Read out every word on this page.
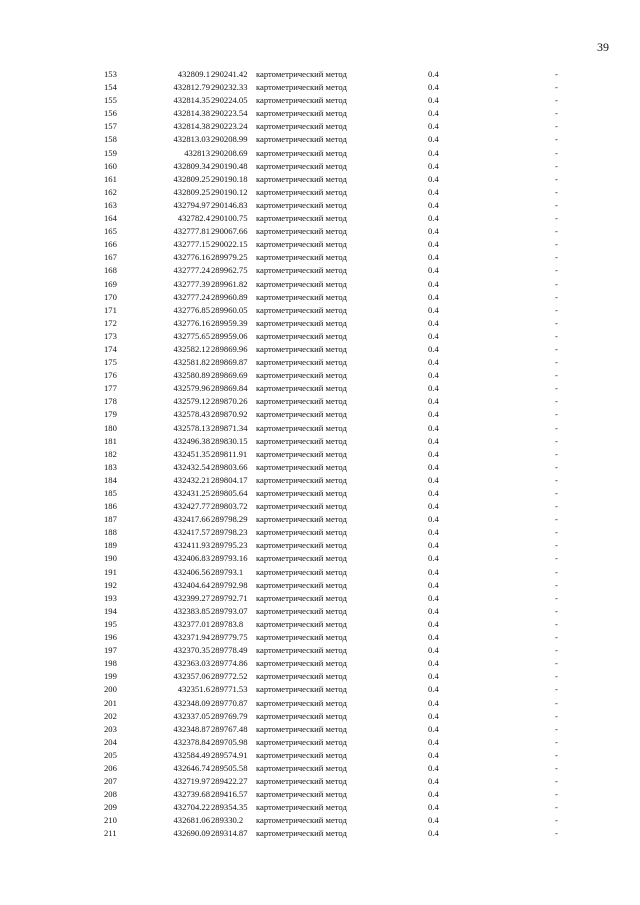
39
153	432809.1 290241.42 картометрический метод	0.4	-
154	432812.79 290232.33 картометрический метод	0.4	-
155	432814.35 290224.05 картометрический метод	0.4	-
156	432814.38 290223.54 картометрический метод	0.4	-
157	432814.38 290223.24 картометрический метод	0.4	-
158	432813.03 290208.99 картометрический метод	0.4	-
159	432813 290208.69 картометрический метод	0.4	-
160	432809.34 290190.48 картометрический метод	0.4	-
161	432809.25 290190.18 картометрический метод	0.4	-
162	432809.25 290190.12 картометрический метод	0.4	-
163	432794.97 290146.83 картометрический метод	0.4	-
164	432782.4 290100.75 картометрический метод	0.4	-
165	432777.81 290067.66 картометрический метод	0.4	-
166	432777.15 290022.15 картометрический метод	0.4	-
167	432776.16 289979.25 картометрический метод	0.4	-
168	432777.24 289962.75 картометрический метод	0.4	-
169	432777.39 289961.82 картометрический метод	0.4	-
170	432777.24 289960.89 картометрический метод	0.4	-
171	432776.85 289960.05 картометрический метод	0.4	-
172	432776.16 289959.39 картометрический метод	0.4	-
173	432775.65 289959.06 картометрический метод	0.4	-
174	432582.12 289869.96 картометрический метод	0.4	-
175	432581.82 289869.87 картометрический метод	0.4	-
176	432580.89 289869.69 картометрический метод	0.4	-
177	432579.96 289869.84 картометрический метод	0.4	-
178	432579.12 289870.26 картометрический метод	0.4	-
179	432578.43 289870.92 картометрический метод	0.4	-
180	432578.13 289871.34 картометрический метод	0.4	-
181	432496.38 289830.15 картометрический метод	0.4	-
182	432451.35 289811.91 картометрический метод	0.4	-
183	432432.54 289803.66 картометрический метод	0.4	-
184	432432.21 289804.17 картометрический метод	0.4	-
185	432431.25 289805.64 картометрический метод	0.4	-
186	432427.77 289803.72 картометрический метод	0.4	-
187	432417.66 289798.29 картометрический метод	0.4	-
188	432417.57 289798.23 картометрический метод	0.4	-
189	432411.93 289795.23 картометрический метод	0.4	-
190	432406.83 289793.16 картометрический метод	0.4	-
191	432406.56 289793.1 картометрический метод	0.4	-
192	432404.64 289792.98 картометрический метод	0.4	-
193	432399.27 289792.71 картометрический метод	0.4	-
194	432383.85 289793.07 картометрический метод	0.4	-
195	432377.01 289783.8 картометрический метод	0.4	-
196	432371.94 289779.75 картометрический метод	0.4	-
197	432370.35 289778.49 картометрический метод	0.4	-
198	432363.03 289774.86 картометрический метод	0.4	-
199	432357.06 289772.52 картометрический метод	0.4	-
200	432351.6 289771.53 картометрический метод	0.4	-
201	432348.09 289770.87 картометрический метод	0.4	-
202	432337.05 289769.79 картометрический метод	0.4	-
203	432348.87 289767.48 картометрический метод	0.4	-
204	432378.84 289705.98 картометрический метод	0.4	-
205	432584.49 289574.91 картометрический метод	0.4	-
206	432646.74 289505.58 картометрический метод	0.4	-
207	432719.97 289422.27 картометрический метод	0.4	-
208	432739.68 289416.57 картометрический метод	0.4	-
209	432704.22 289354.35 картометрический метод	0.4	-
210	432681.06 289330.2 картометрический метод	0.4	-
211	432690.09 289314.87 картометрический метод	0.4	-
